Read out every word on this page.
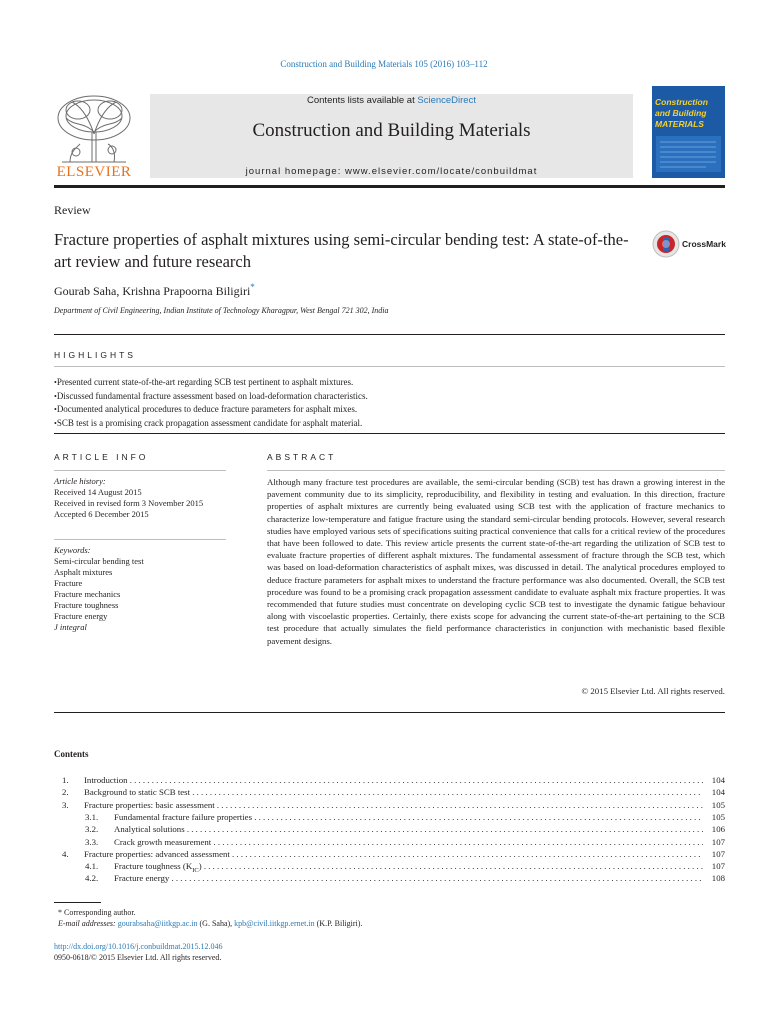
Construction and Building Materials 105 (2016) 103–112
ELSEVIER
Contents lists available at ScienceDirect
Construction and Building Materials
journal homepage: www.elsevier.com/locate/conbuildmat
Construction and Building MATERIALS
Review
Fracture properties of asphalt mixtures using semi-circular bending test: A state-of-the-art review and future research
CrossMark
Gourab Saha, Krishna Prapoorna Biligiri*
Department of Civil Engineering, Indian Institute of Technology Kharagpur, West Bengal 721 302, India
HIGHLIGHTS
• Presented current state-of-the-art regarding SCB test pertinent to asphalt mixtures.
• Discussed fundamental fracture assessment based on load-deformation characteristics.
• Documented analytical procedures to deduce fracture parameters for asphalt mixes.
• SCB test is a promising crack propagation assessment candidate for asphalt material.
ARTICLE INFO
Article history:
Received 14 August 2015
Received in revised form 3 November 2015
Accepted 6 December 2015
Keywords:
Semi-circular bending test
Asphalt mixtures
Fracture
Fracture mechanics
Fracture toughness
Fracture energy
J integral
ABSTRACT
Although many fracture test procedures are available, the semi-circular bending (SCB) test has drawn a growing interest in the pavement community due to its simplicity, reproducibility, and flexibility in testing and evaluation. In this direction, fracture properties of asphalt mixtures are currently being evaluated using SCB test with the application of fracture mechanics to characterize low-temperature and fatigue fracture using the standard semi-circular bending protocols. However, several research studies have employed various sets of specifications suiting practical convenience that calls for a critical review of the procedures that have been followed to date. This review article presents the current state-of-the-art regarding the utilization of SCB test to evaluate fracture properties of different asphalt mixtures. The fundamental assessment of fracture through the SCB test, which was based on load-deformation characteristics of asphalt mixes, was discussed in detail. The analytical procedures employed to deduce fracture parameters for asphalt mixes to understand the fracture performance was also documented. Overall, the SCB test procedure was found to be a promising crack propagation assessment candidate to evaluate asphalt mix fracture properties. It was recommended that future studies must concentrate on developing cyclic SCB test to investigate the dynamic fatigue behaviour along with viscoelastic properties. Certainly, there exists scope for advancing the current state-of-the-art pertaining to the SCB test procedure that actually simulates the field performance characteristics in conjunction with mechanistic based flexible pavement designs.
© 2015 Elsevier Ltd. All rights reserved.
Contents
1. Introduction . . .	104
2. Background to static SCB test . . .	104
3. Fracture properties: basic assessment . . .	105
3.1. Fundamental fracture failure properties . . .	105
3.2. Analytical solutions . . .	106
3.3. Crack growth measurement . . .	107
4. Fracture properties: advanced assessment . . .	107
4.1. Fracture toughness $(K_{IC})$ . . .	107
4.2. Fracture energy . . .	108
* Corresponding author.
E-mail addresses: gourabsaha@iitkgp.ac.in (G. Saha), kpb@civil.iitkgp.ernet.in (K.P. Biligiri).
http://dx.doi.org/10.1016/j.conbuildmat.2015.12.046
0950-0618/© 2015 Elsevier Ltd. All rights reserved.
